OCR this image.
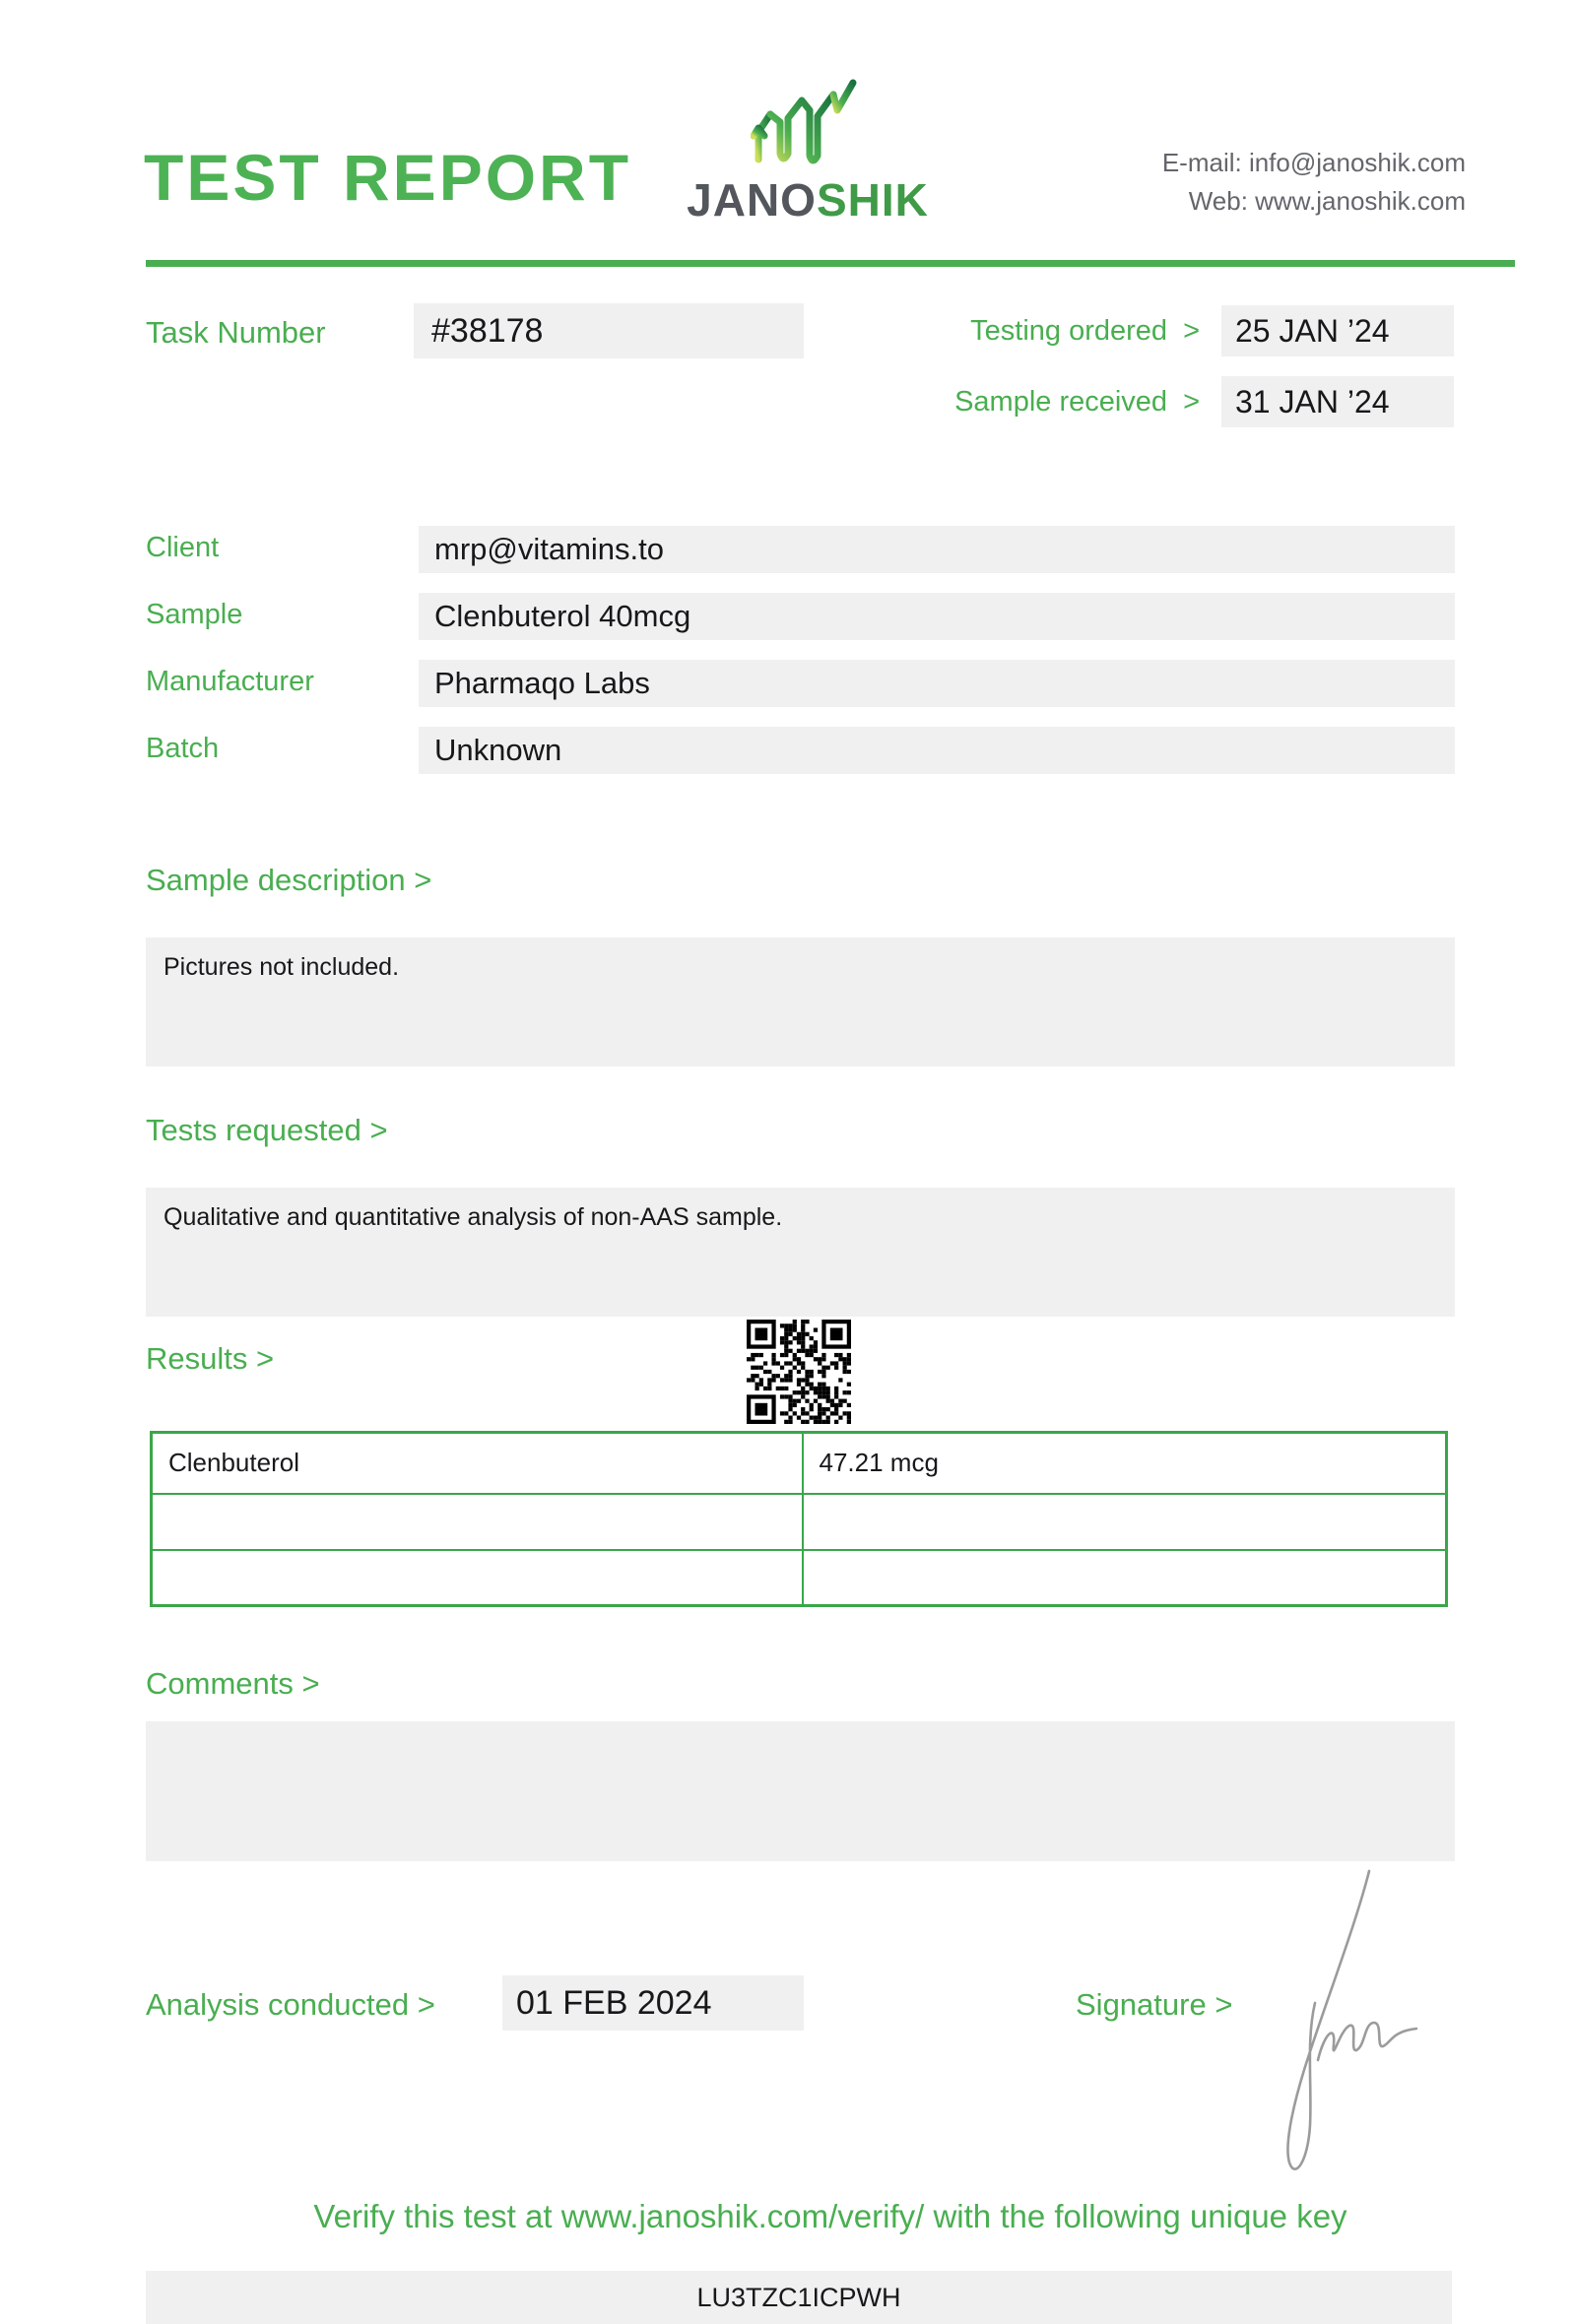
TEST REPORT JANOSHIK
E-mail: info@janoshik.com
Web: www.janoshik.com
Task Number	#38178	Testing ordered >	25 JAN ’24
Sample received >	31 JAN ’24
Client	mrp@vitamins.to
Sample	Clenbuterol 40mcg
Manufacturer	Pharmaqo Labs
Batch	Unknown
Sample description >
Pictures not included.
Tests requested >
Qualitative and quantitative analysis of non-AAS sample.
Results >
Clenbuterol	47.21 mcg

Comments >
Analysis conducted >	01 FEB 2024	Signature >
Verify this test at www.janoshik.com/verify/ with the following unique key
LU3TZC1ICPWH
